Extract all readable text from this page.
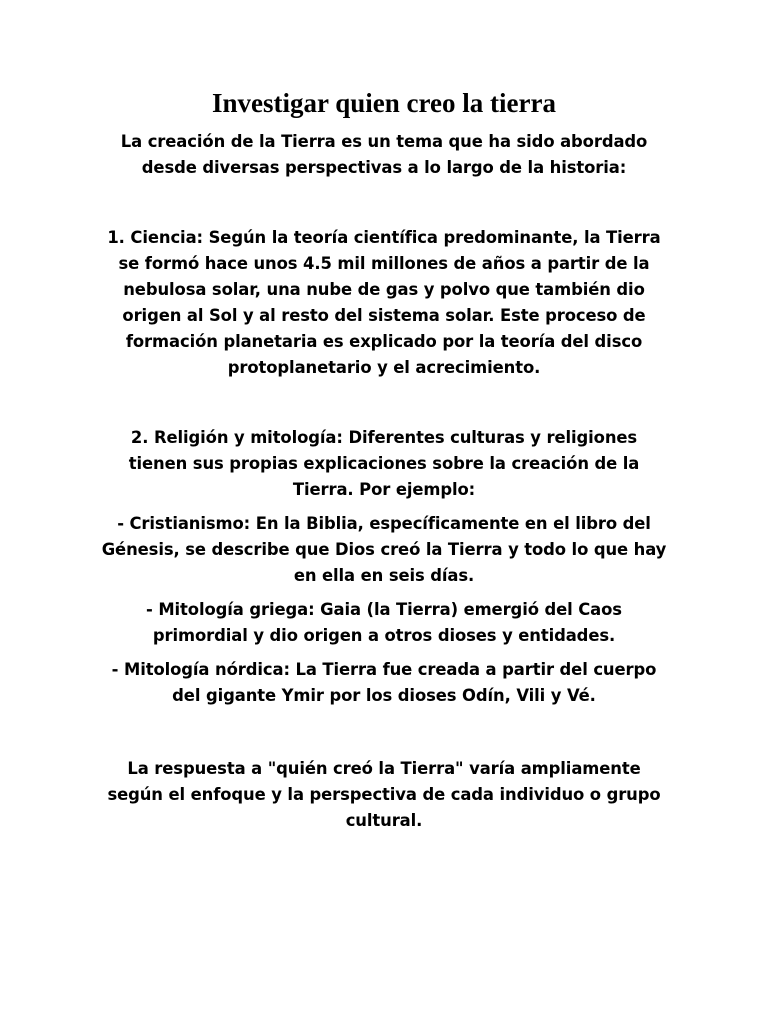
Investigar quien creo la tierra

La creación de la Tierra es un tema que ha sido abordado desde diversas perspectivas a lo largo de la historia:

1. Ciencia: Según la teoría científica predominante, la Tierra se formó hace unos 4.5 mil millones de años a partir de la nebulosa solar, una nube de gas y polvo que también dio origen al Sol y al resto del sistema solar. Este proceso de formación planetaria es explicado por la teoría del disco protoplanetario y el acrecimiento.

2. Religión y mitología: Diferentes culturas y religiones tienen sus propias explicaciones sobre la creación de la Tierra. Por ejemplo:

- Cristianismo: En la Biblia, específicamente en el libro del Génesis, se describe que Dios creó la Tierra y todo lo que hay en ella en seis días.

- Mitología griega: Gaia (la Tierra) emergió del Caos primordial y dio origen a otros dioses y entidades.

- Mitología nórdica: La Tierra fue creada a partir del cuerpo del gigante Ymir por los dioses Odín, Vili y Vé.

La respuesta a "quién creó la Tierra" varía ampliamente según el enfoque y la perspectiva de cada individuo o grupo cultural.
